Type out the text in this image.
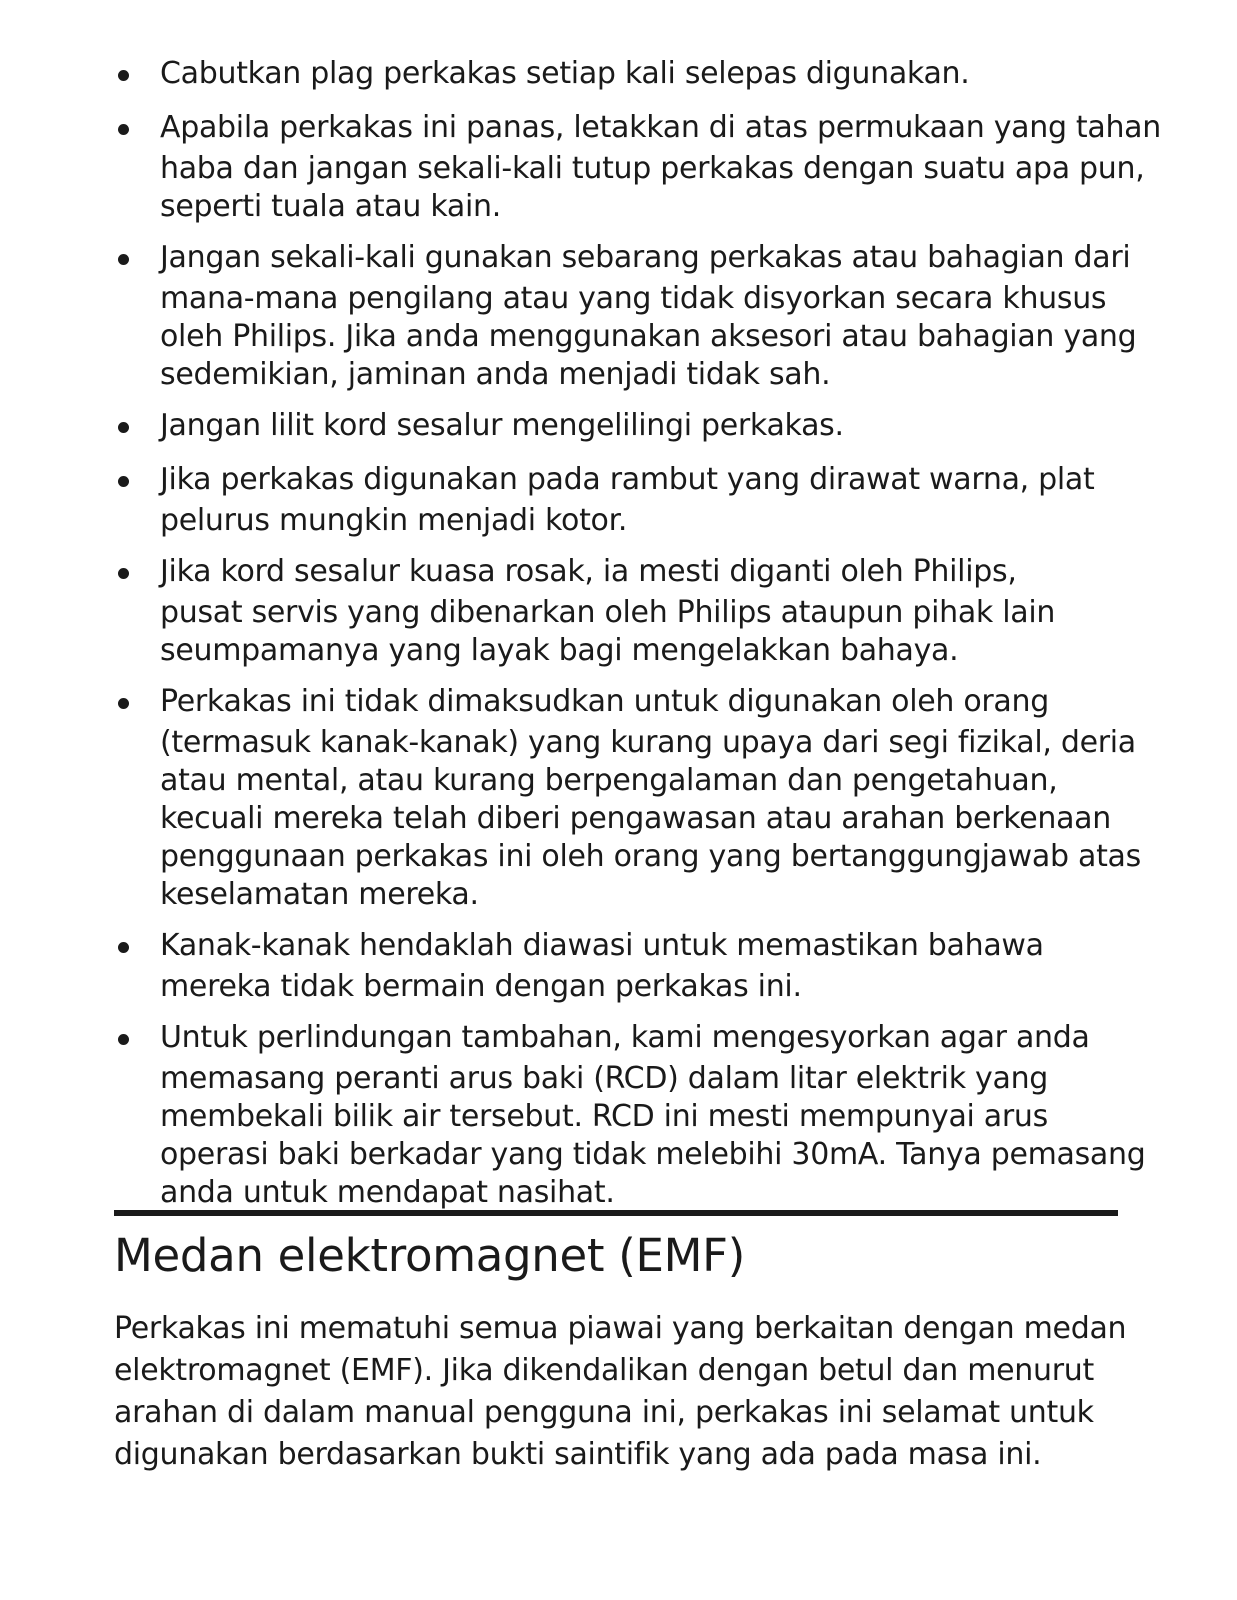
Cabutkan plag perkakas setiap kali selepas digunakan.
Apabila perkakas ini panas, letakkan di atas permukaan yang tahan
haba dan jangan sekali-kali tutup perkakas dengan suatu apa pun,
seperti tuala atau kain.
Jangan sekali-kali gunakan sebarang perkakas atau bahagian dari
mana-mana pengilang atau yang tidak disyorkan secara khusus
oleh Philips. Jika anda menggunakan aksesori atau bahagian yang
sedemikian, jaminan anda menjadi tidak sah.
Jangan lilit kord sesalur mengelilingi perkakas.
Jika perkakas digunakan pada rambut yang dirawat warna, plat
pelurus mungkin menjadi kotor.
Jika kord sesalur kuasa rosak, ia mesti diganti oleh Philips,
pusat servis yang dibenarkan oleh Philips ataupun pihak lain
seumpamanya yang layak bagi mengelakkan bahaya.
Perkakas ini tidak dimaksudkan untuk digunakan oleh orang
(termasuk kanak-kanak) yang kurang upaya dari segi fizikal, deria
atau mental, atau kurang berpengalaman dan pengetahuan,
kecuali mereka telah diberi pengawasan atau arahan berkenaan
penggunaan perkakas ini oleh orang yang bertanggungjawab atas
keselamatan mereka.
Kanak-kanak hendaklah diawasi untuk memastikan bahawa
mereka tidak bermain dengan perkakas ini.
Untuk perlindungan tambahan, kami mengesyorkan agar anda
memasang peranti arus baki (RCD) dalam litar elektrik yang
membekali bilik air tersebut. RCD ini mesti mempunyai arus
operasi baki berkadar yang tidak melebihi 30mA. Tanya pemasang
anda untuk mendapat nasihat.
Medan elektromagnet (EMF)

Perkakas ini mematuhi semua piawai yang berkaitan dengan medan
elektromagnet (EMF). Jika dikendalikan dengan betul dan menurut
arahan di dalam manual pengguna ini, perkakas ini selamat untuk
digunakan berdasarkan bukti saintifik yang ada pada masa ini.
